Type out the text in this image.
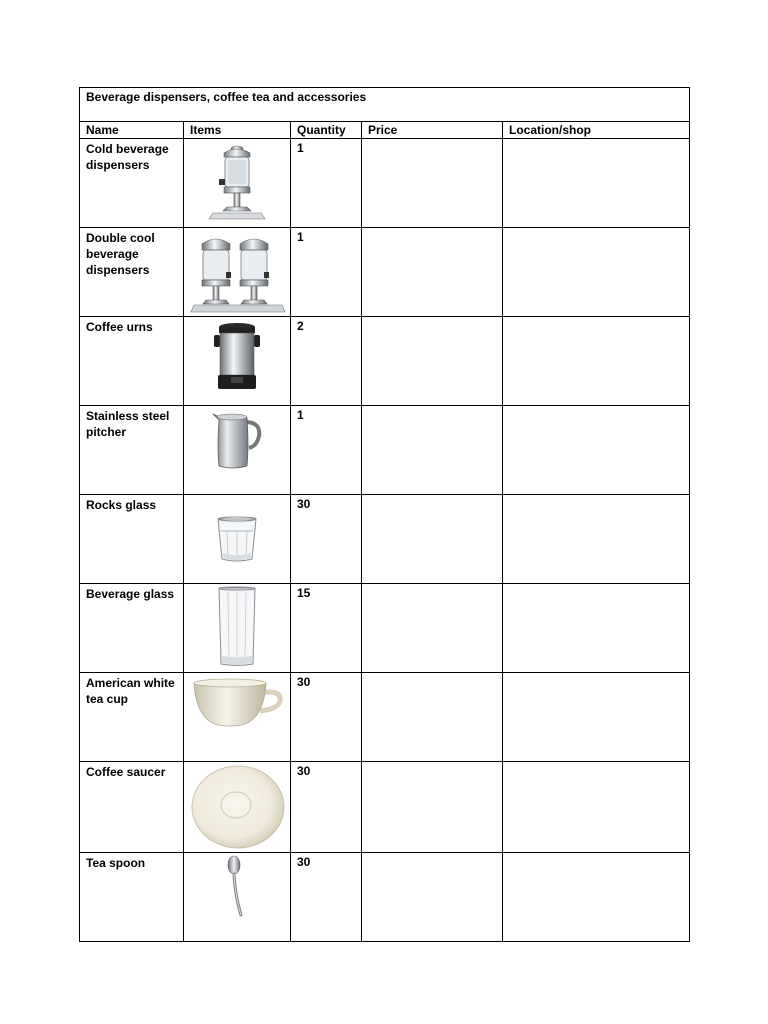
Beverage dispensers, coffee tea and accessories				
Name	Items	Quantity	Price	Location/shop

Cold beverage dispensers		1		

Double cool beverage dispensers		1		

Coffee urns		2		

Stainless steel pitcher		1		

Rocks glass		30		

Beverage glass		15		

American white tea cup		30		

Coffee saucer		30		

Tea spoon		30		
